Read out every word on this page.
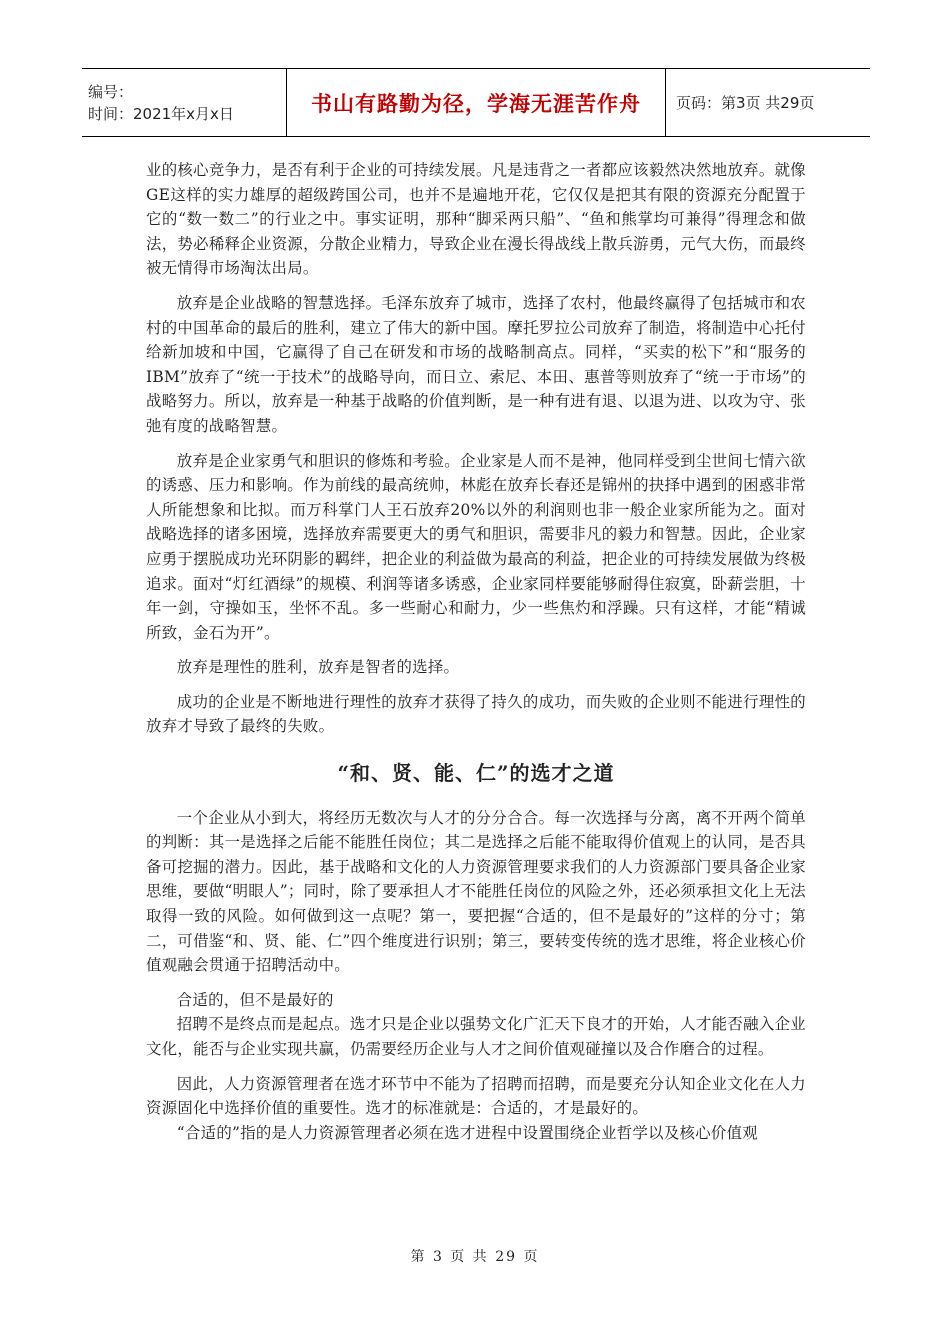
编号：
时间：2021年x月x日	书山有路勤为径，学海无涯苦作舟	页码：第3页 共29页

业的核心竞争力，是否有利于企业的可持续发展。凡是违背之一者都应该毅然决然地放弃。就像GE这样的实力雄厚的超级跨国公司，也并不是遍地开花，它仅仅是把其有限的资源充分配置于它的“数一数二”的行业之中。事实证明，那种“脚采两只船”、“鱼和熊掌均可兼得”得理念和做法，势必稀释企业资源，分散企业精力，导致企业在漫长得战线上散兵游勇，元气大伤，而最终被无情得市场淘汰出局。

放弃是企业战略的智慧选择。毛泽东放弃了城市，选择了农村，他最终赢得了包括城市和农村的中国革命的最后的胜利，建立了伟大的新中国。摩托罗拉公司放弃了制造，将制造中心托付给新加坡和中国，它赢得了自己在研发和市场的战略制高点。同样，“买卖的松下”和“服务的IBM”放弃了“统一于技术”的战略导向，而日立、索尼、本田、惠普等则放弃了“统一于市场”的战略努力。所以，放弃是一种基于战略的价值判断，是一种有进有退、以退为进、以攻为守、张弛有度的战略智慧。

放弃是企业家勇气和胆识的修炼和考验。企业家是人而不是神，他同样受到尘世间七情六欲的诱惑、压力和影响。作为前线的最高统帅，林彪在放弃长春还是锦州的抉择中遇到的困惑非常人所能想象和比拟。而万科掌门人王石放弃20%以外的利润则也非一般企业家所能为之。面对战略选择的诸多困境，选择放弃需要更大的勇气和胆识，需要非凡的毅力和智慧。因此，企业家应勇于摆脱成功光环阴影的羁绊，把企业的利益做为最高的利益，把企业的可持续发展做为终极追求。面对“灯红酒绿”的规模、利润等诸多诱惑，企业家同样要能够耐得住寂寞，卧薪尝胆，十年一剑，守操如玉，坐怀不乱。多一些耐心和耐力，少一些焦灼和浮躁。只有这样，才能“精诚所致，金石为开”。

放弃是理性的胜利，放弃是智者的选择。

成功的企业是不断地进行理性的放弃才获得了持久的成功，而失败的企业则不能进行理性的放弃才导致了最终的失败。

“和、贤、能、仁”的选才之道

一个企业从小到大，将经历无数次与人才的分分合合。每一次选择与分离，离不开两个简单的判断：其一是选择之后能不能胜任岗位；其二是选择之后能不能取得价值观上的认同，是否具备可挖掘的潜力。因此，基于战略和文化的人力资源管理要求我们的人力资源部门要具备企业家思维，要做“明眼人”；同时，除了要承担人才不能胜任岗位的风险之外，还必须承担文化上无法取得一致的风险。如何做到这一点呢？第一，要把握“合适的，但不是最好的”这样的分寸；第二，可借鉴“和、贤、能、仁”四个维度进行识别；第三，要转变传统的选才思维，将企业核心价值观融会贯通于招聘活动中。

合适的，但不是最好的

招聘不是终点而是起点。选才只是企业以强势文化广汇天下良才的开始，人才能否融入企业文化，能否与企业实现共赢，仍需要经历企业与人才之间价值观碰撞以及合作磨合的过程。

因此，人力资源管理者在选才环节中不能为了招聘而招聘，而是要充分认知企业文化在人力资源固化中选择价值的重要性。选才的标准就是：合适的，才是最好的。

“合适的”指的是人力资源管理者必须在选才进程中设置围绕企业哲学以及核心价值观

第 3 页 共 29 页
